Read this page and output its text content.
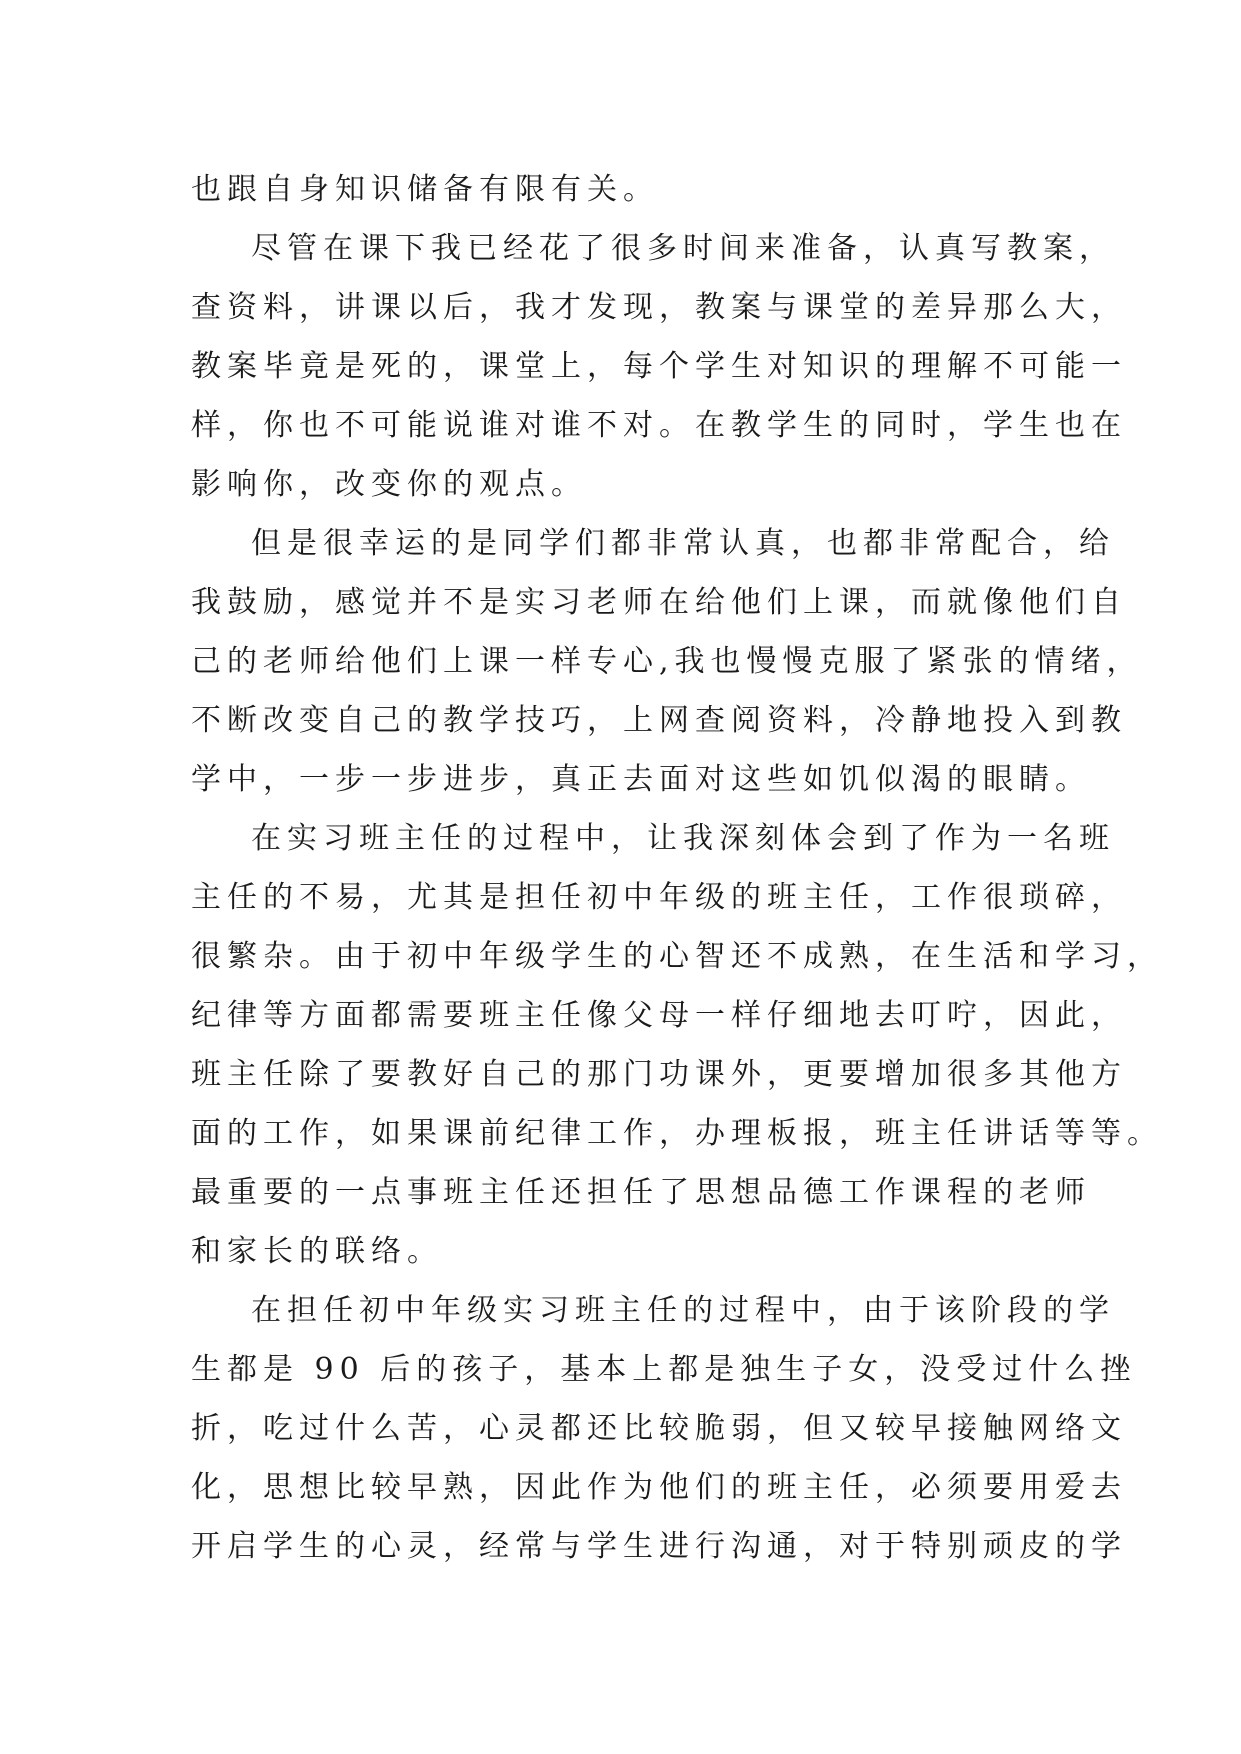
也跟自身知识储备有限有关。
尽管在课下我已经花了很多时间来准备，认真写教案，
查资料，讲课以后，我才发现，教案与课堂的差异那么大，
教案毕竟是死的，课堂上，每个学生对知识的理解不可能一
样，你也不可能说谁对谁不对。在教学生的同时，学生也在
影响你，改变你的观点。
但是很幸运的是同学们都非常认真，也都非常配合，给
我鼓励，感觉并不是实习老师在给他们上课，而就像他们自
己的老师给他们上课一样专心,我也慢慢克服了紧张的情绪，
不断改变自己的教学技巧，上网查阅资料，冷静地投入到教
学中，一步一步进步，真正去面对这些如饥似渴的眼睛。
在实习班主任的过程中，让我深刻体会到了作为一名班
主任的不易，尤其是担任初中年级的班主任，工作很琐碎，
很繁杂。由于初中年级学生的心智还不成熟，在生活和学习，
纪律等方面都需要班主任像父母一样仔细地去叮咛，因此，
班主任除了要教好自己的那门功课外，更要增加很多其他方
面的工作，如果课前纪律工作，办理板报，班主任讲话等等。
最重要的一点事班主任还担任了思想品德工作课程的老师
和家长的联络。
在担任初中年级实习班主任的过程中，由于该阶段的学
生都是 90 后的孩子，基本上都是独生子女，没受过什么挫
折，吃过什么苦，心灵都还比较脆弱，但又较早接触网络文
化，思想比较早熟，因此作为他们的班主任，必须要用爱去
开启学生的心灵，经常与学生进行沟通，对于特别顽皮的学
